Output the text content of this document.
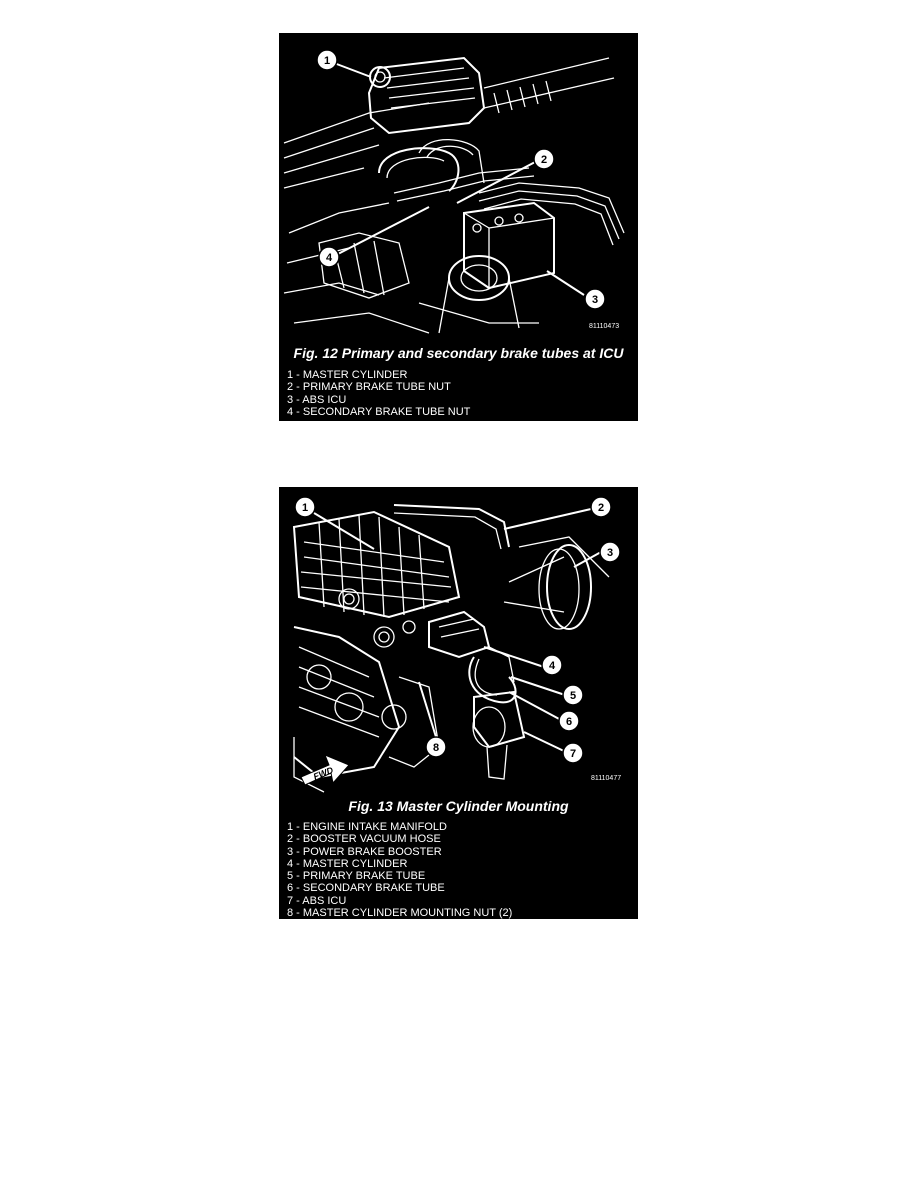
1
2
3
4
81110473
Fig. 12 Primary and secondary brake tubes at ICU
1 - MASTER CYLINDER
2 - PRIMARY BRAKE TUBE NUT
3 - ABS ICU
4 - SECONDARY BRAKE TUBE NUT
FWD
1	2
3
4
5
6
7
8
81110477
Fig. 13 Master Cylinder Mounting
1 - ENGINE INTAKE MANIFOLD
2 - BOOSTER VACUUM HOSE
3 - POWER BRAKE BOOSTER
4 - MASTER CYLINDER
5 - PRIMARY BRAKE TUBE
6 - SECONDARY BRAKE TUBE
7 - ABS ICU
8 - MASTER CYLINDER MOUNTING NUT (2)
